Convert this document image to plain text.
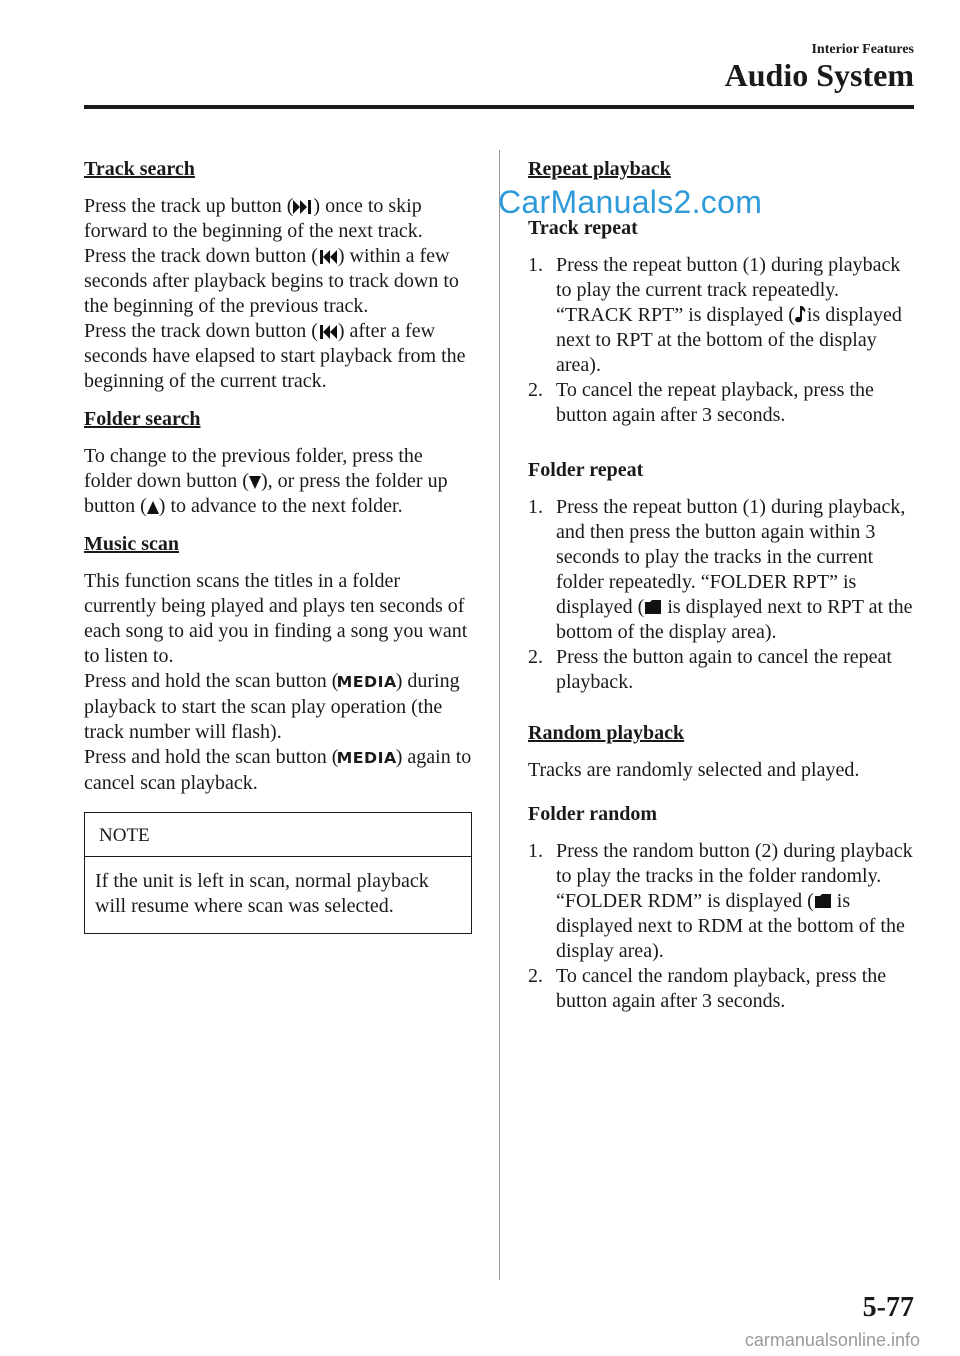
Interior Features
Audio System
Track search
Press the track up button ( ) once to skip forward to the beginning of the next track.
Press the track down button ( ) within a few seconds after playback begins to track down to the beginning of the previous track.
Press the track down button ( ) after a few seconds have elapsed to start playback from the beginning of the current track.
Folder search

To change to the previous folder, press the folder down button ( ), or press the folder up button ( ) to advance to the next folder.

Music scan
This function scans the titles in a folder currently being played and plays ten seconds of each song to aid you in finding a song you want to listen to.
Press and hold the scan button (MEDIA) during playback to start the scan play operation (the track number will flash).
Press and hold the scan button (MEDIA) again to cancel scan playback.
NOTE
If the unit is left in scan, normal playback will resume where scan was selected.
Repeat playback
Track repeat
1. Press the repeat button (1) during playback to play the current track repeatedly. “TRACK RPT” is displayed ( is displayed next to RPT at the bottom of the display area).
2. To cancel the repeat playback, press the button again after 3 seconds.
Folder repeat
1. Press the repeat button (1) during playback, and then press the button again within 3 seconds to play the tracks in the current folder repeatedly. “FOLDER RPT” is displayed (
is displayed next to RPT at the bottom of the display area).
2. Press the button again to cancel the repeat playback.
Random playback

Tracks are randomly selected and played.

Folder random
1. Press the random button (2) during playback to play the tracks in the folder randomly. “FOLDER RDM” is displayed (
is displayed next to RDM at the bottom of the display area).
2. To cancel the random playback, press the button again after 3 seconds.
CarManuals2.com
5-77
carmanualsonline.info
